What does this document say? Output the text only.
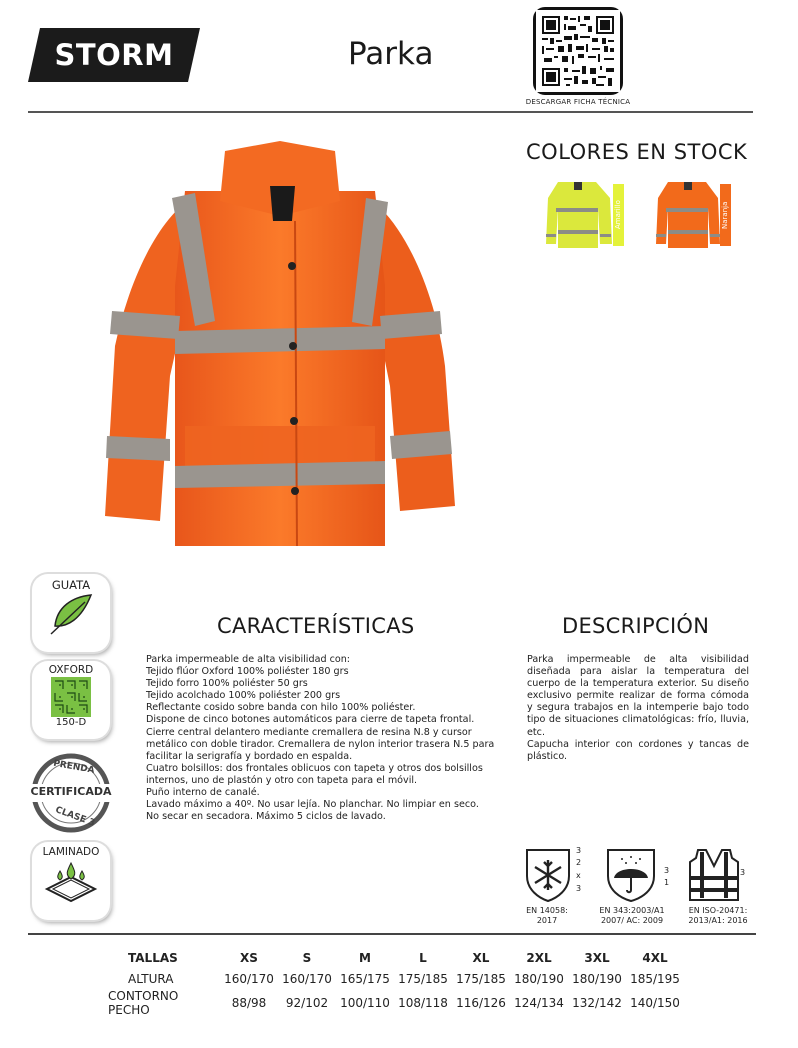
STORM	Parka
DESCARGAR FICHA TÉCNICA
COLORES EN STOCK
Amarillo	Naranja
GUATA
OXFORD
150-D
PRENDA
CERTIFICADA
CLASE 3
LAMINADO
CARACTERÍSTICAS
Parka impermeable de alta visibilidad con:
Tejido flúor Oxford 100% poliéster 180 grs
Tejido forro 100% poliéster 50 grs
Tejido acolchado 100% poliéster 200 grs
Reflectante cosido sobre banda con hilo 100% poliéster.
Dispone de cinco botones automáticos para cierre de tapeta frontal.
Cierre central delantero mediante cremallera de resina N.8 y cursor
metálico con doble tirador. Cremallera de nylon interior trasera N.5 para
facilitar la serigrafía y bordado en espalda.
Cuatro bolsillos: dos frontales oblicuos con tapeta y otros dos bolsillos
internos, uno de plastón y otro con tapeta para el móvil.
Puño interno de canalé.
Lavado máximo a 40º. No usar lejía. No planchar. No limpiar en seco.
No secar en secadora. Máximo 5 ciclos de lavado.
DESCRIPCIÓN
Parka impermeable de alta visibilidad
diseñada para aislar la temperatura del
cuerpo de la temperatura exterior. Su diseño
exclusivo permite realizar de forma cómoda
y segura trabajos en la intemperie bajo todo
tipo de situaciones climatológicas: frío, lluvia,
etc.
Capucha interior con cordones y tancas de
plástico.
3
2
x
3
EN 14058:
2017
3
1
EN 343:2003/A1
2007/ AC: 2009
3
EN ISO-20471:
2013/A1: 2016
TALLAS	XS	S	M	L	XL	2XL	3XL	4XL
ALTURA	160/170	160/170	165/175	175/185	175/185	180/190	180/190	185/195
CONTORNO PECHO	88/98	92/102	100/110	108/118	116/126	124/134	132/142	140/150
